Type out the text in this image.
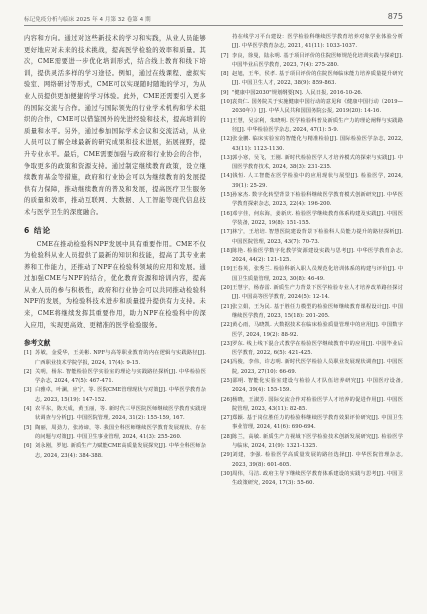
标记免疫分析与临床 2025 年 4 月第 32 卷第 4 期	875

内容和方向。通过对这些新技术的学习和实践，从业人员能够更好地应对未来的技术挑战，提高医学检验的效率和质量。其次，CME需要进一步优化培训形式，结合线上教育和线下培训，提供灵活多样的学习途径。例如，通过在线课程、虚拟实验室、网络研讨等形式，CME可以实现随时随地的学习，为从业人员提供更加便捷的学习体验。此外，CME还需要引入更多的国际交流与合作。通过与国际领先的行业学术机构和学术组织的合作，CME可以借鉴国外的先进经验和技术，提高培训的质量和水平。另外，通过参加国际学术会议和交流活动，从业人员可以了解全球最新的研究成果和技术进展，拓展视野，提升专业水平。最后，CME需要加强与政府和行业协会的合作，争取更多的政策和资源支持。通过制定继续教育政策，设立继续教育基金等措施，政府和行业协会可以为继续教育的发展提供有力保障，推动继续教育的普及和发展，提高医疗卫生服务的质量和效率，推动互联网、大数据、人工智能等现代信息技术与医学卫生的深度融合。

6 结论

CME在推动检验科NPF发展中具有重要作用。CME不仅为检验科从业人员提供了最新的知识和技能，提高了其专业素养和工作能力，还推动了NPF在检验科领域的应用和发展。通过加强CME与NPF的结合，优化教育资源和培训内容，提高从业人员的参与积极性，政府和行业协会可以共同推动检验科NPF的发展，为检验科技术进步和质量提升提供有力支持。未来，CME将继续发挥其重要作用，助力NPF在检验科中的深入应用，实现更高效、更精准的医学检验服务。

参考文献
[1] 苏敏，金爱华，王美彬. NPF与高等职业教育的内在逻辑与实践路径[J]. 广西职业技术学院学报, 2024, 17(4): 9-15.
[2] 关明，杨东. 智能检验医学实验室的理论与实践路径探析[J]. 中华检验医学杂志, 2024, 47(5): 467-471.
[3] 白雅卓，叶澜，应宁，等. 医院CME管理现状与对策[J]. 中华医学教育杂志, 2023, 15(19): 147-152.
[4] 农平东，陈天成，黄玉丽，等. 新时代三甲医院医师继续医学教育实践现状调查与分析[J]. 中国医院管理, 2024, 31(2): 155-159, 167.
[5] 陶丽，周劲力，张涛谛，等. 我国全科医师继续医学教育发展现状、存在的问题与对策[J]. 中国卫生事业管理, 2024, 41(3): 255-260.
[6] 刘永刚，罗旭. 新质生产力赋能CME高质量发展探究[J]. 中华全科医师杂志, 2024, 23(4): 384-388.
持在线学习平台建设：医学检验科继续医学教育培养对象学业体验分析[J]. 中华医学教育杂志, 2021, 41(11): 1033-1037.
[7] 李良，徐曼，陆永明. 基于项目评价的住院医师规范化培训实践与探索[J]. 中国毕业后医学教育, 2023, 7(4): 275-280.
[8] 赵旭，王华，侯孝. 基于项目评价的住院医师临床能力培养质量提升研究[J]. 中国卫生人才, 2022, 38(9): 859-863.
[9] "健康中国2030"规划纲要[N]. 人民日报, 2016-10-26.
[10]袁贵仁. 国务院关于实施健康中国行动的意见和《健康中国行动（2019—2030年）》[J]. 中华人民共和国国务院公报, 2019(20): 14-16.
[11]王慧，吴宗利，朱晓明. 医学检验科普及新质生产力的理论阐释与实践路径[J]. 中华检验医学杂志, 2024, 47(1): 5-9.
[12]张金鹏. 临床实验室的智能化与精准检验[J]. 国际检验医学杂志, 2022, 43(11): 1123-1130.
[13]郭小寒，吴飞，王刚. 新时代检验医学人才培养模式的探索与实践[J]. 中国医学教育技术, 2024, 38(3): 231-235.
[14]钱恒. 人工智能在医学检验中的应用现状与展望[J]. 检验医学, 2024, 39(1): 25-29.
[15]孙家杰. 数字化转型背景下检验科继续医学教育模式创新研究[J]. 中华医学教育探索杂志, 2023, 22(4): 196-200.
[16]邓宇佳，何东海，姜新庆. 检验医学继续教育体系构建及实践[J]. 中国医学装备, 2022, 19(8): 151-155.
[17]林宁，王培培. 智慧医院建设背景下检验科人员能力提升的路径探析[J]. 中国医院管理, 2023, 43(7): 70-73.
[18]陈艳. 检验医学数字化教学资源建设实践与思考[J]. 中华医学教育杂志, 2024, 44(2): 121-125.
[19]王春英，张秀兰. 检验科新入职人员规范化培训体系的构建与评价[J]. 中国卫生质量管理, 2023, 30(8): 46-49.
[20]王慧宇，杨春雷. 新质生产力背景下医学检验专业人才培养改革路径探讨[J]. 中国高等医学教育, 2024(5): 12-14.
[21]张立娟，王为民. 基于胜任力模型的检验医师继续教育课程设计[J]. 中国继续医学教育, 2023, 15(18): 201-205.
[22]黄心雨，马晓凯. 大数据技术在临床检验质量管理中的应用[J]. 中国数字医学, 2024, 19(2): 88-92.
[23]罗东. 线上线下混合式教学在检验医学继续教育中的应用[J]. 中国毕业后医学教育, 2022, 6(5): 421-425.
[24]冯俊，李伟，许志明. 新时代医学检验人员职业发展现状调查[J]. 中国医院, 2023, 27(10): 66-69.
[25]邵明. 智能化实验室建设与检验人才队伍培养研究[J]. 中国医疗设备, 2024, 39(4): 155-159.
[26]杨晓，王淑芳. 国际交流合作对检验医学人才培养的促进作用[J]. 中国医院管理, 2023, 43(11): 82-85.
[27]郑颖. 基于岗位胜任力的检验科继续医学教育效果评价研究[J]. 中国卫生事业管理, 2024, 41(6): 690-694.
[28]陈兰，高敏. 新质生产力视域下医学检验技术创新发展研究[J]. 检验医学与临床, 2024, 21(9): 1321-1325.
[29]刘建，李强. 检验医学高质量发展的路径选择[J]. 中华医院管理杂志, 2023, 39(8): 601-605.
[30]周伟，马洁. 政府主导下继续医学教育体系建设的实践与思考[J]. 中国卫生政策研究, 2024, 17(3): 55-60.
